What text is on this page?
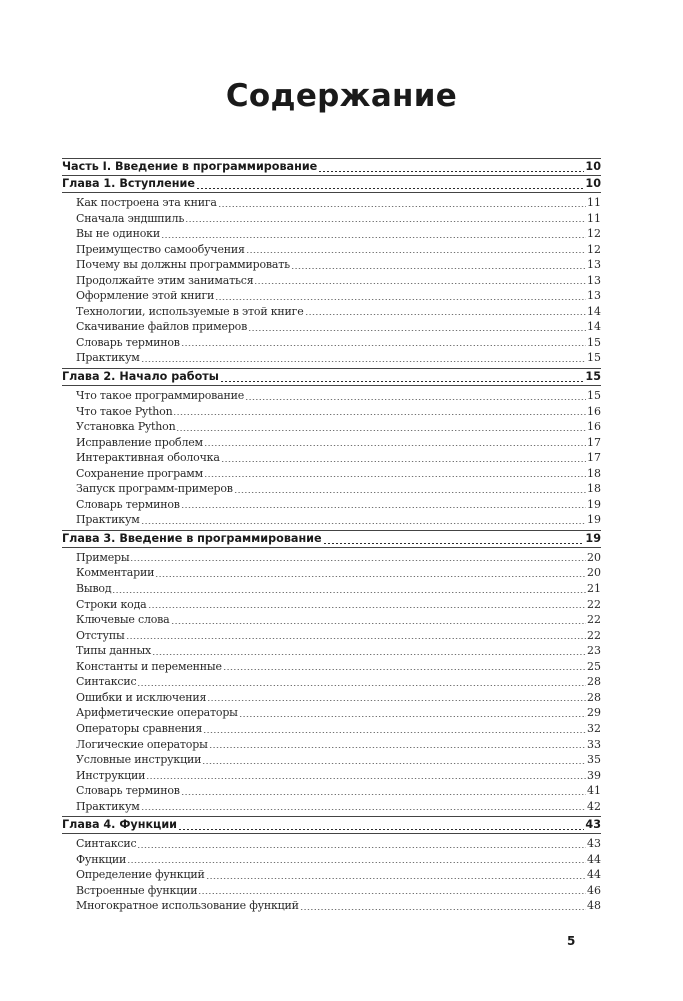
Содержание
Часть I. Введение в программирование	10
Глава 1. Вступление	10
Как построена эта книга	11
Сначала эндшпиль	11
Вы не одиноки	12
Преимущество самообучения	12
Почему вы должны программировать	13
Продолжайте этим заниматься	13
Оформление этой книги	13
Технологии, используемые в этой книге	14
Скачивание файлов примеров	14
Словарь терминов	15
Практикум	15
Глава 2. Начало работы	15
Что такое программирование	15
Что такое Python	16
Установка Python	16
Исправление проблем	17
Интерактивная оболочка	17
Сохранение программ	18
Запуск программ-примеров	18
Словарь терминов	19
Практикум	19
Глава 3. Введение в программирование	19
Примеры	20
Комментарии	20
Вывод	21
Строки кода	22
Ключевые слова	22
Отступы	22
Типы данных	23
Константы и переменные	25
Синтаксис	28
Ошибки и исключения	28
Арифметические операторы	29
Операторы сравнения	32
Логические операторы	33
Условные инструкции	35
Инструкции	39
Словарь терминов	41
Практикум	42
Глава 4. Функции	43
Синтаксис	43
Функции	44
Определение функций	44
Встроенные функции	46
Многократное использование функций	48
5
